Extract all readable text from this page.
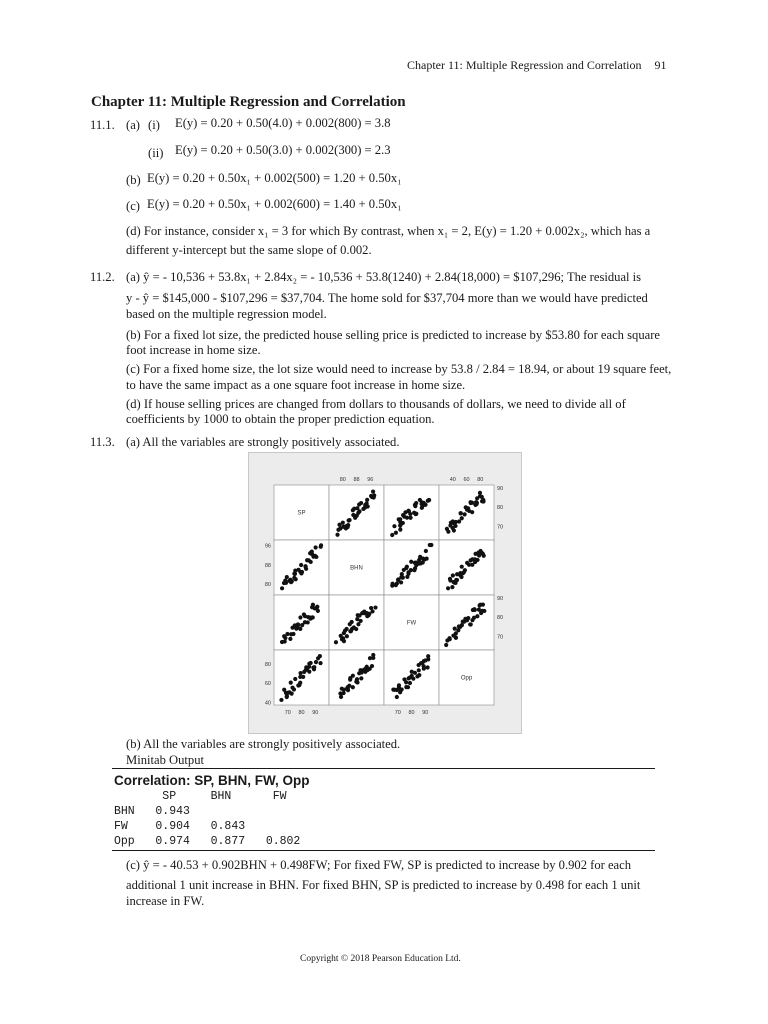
Chapter 11: Multiple Regression and Correlation 91
Chapter 11: Multiple Regression and Correlation
11.1. (a) (i) E(y) = 0.20 + 0.50(4.0) + 0.002(800) = 3.8
(ii) E(y) = 0.20 + 0.50(3.0) + 0.002(300) = 2.3
(b) E(y) = 0.20 + 0.50x₁ + 0.002(500) = 1.20 + 0.50x₁
(c) E(y) = 0.20 + 0.50x₁ + 0.002(600) = 1.40 + 0.50x₁
(d) For instance, consider x₁ = 3 for which By contrast, when x₁ = 2, E(y) = 1.20 + 0.002x₂, which has a
different y-intercept but the same slope of 0.002.
11.2. (a) ŷ = - 10,536 + 53.8x₁ + 2.84x₂ = - 10,536 + 53.8(1240) + 2.84(18,000) = $107,296; The residual is
y - ŷ = $145,000 - $107,296 = $37,704. The home sold for $37,704 more than we would have predicted
based on the multiple regression model.
(b) For a fixed lot size, the predicted house selling price is predicted to increase by $53.80 for each square
foot increase in home size.
(c) For a fixed home size, the lot size would need to increase by 53.8 / 2.84 = 18.94, or about 19 square feet,
to have the same impact as a one square foot increase in home size.
(d) If house selling prices are changed from dollars to thousands of dollars, we need to divide all of
coefficients by 1000 to obtain the proper prediction equation.
11.3. (a) All the variables are strongly positively associated.
SP
BHN
FW
Opp
80 88 96	40 60 80
70 80 90	70 80 90
96
88
80
80
60
40
90
80
70
90
80
70
(b) All the variables are strongly positively associated.
Minitab Output
Correlation: SP, BHN, FW, Opp
SP     BHN      FW
BHN   0.943
FW    0.904   0.843
Opp   0.974   0.877   0.802
(c) ŷ = - 40.53 + 0.902BHN + 0.498FW; For fixed FW, SP is predicted to increase by 0.902 for each
additional 1 unit increase in BHN. For fixed BHN, SP is predicted to increase by 0.498 for each 1 unit
increase in FW.
Copyright © 2018 Pearson Education Ltd.
